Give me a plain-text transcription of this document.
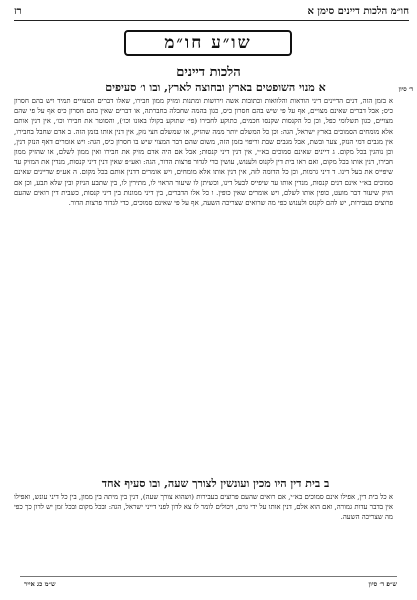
חו״מ הלכות דיינים סימן א
רז
שו״ע חו״מ
הלכות דיינים
א מנוי השופטים בארץ ובחוצה לארץ, ובו ו׳ סעיפים	ד׳ סיון

א בזמן הזה, דנים הדיינים דיני הודאות והלוואות וכתובות אשה וירושות ומתנות ומזיק ממון חבירו, שאלו דברים המצויים תמיד ויש בהם חסרון כיס; אבל דברים שאינם מצויים, אף על פי שיש בהם חסרון כיס, כגון בהמה שחבלה בחברתה, או דברים שאין בהם חסרון כיס אף על פי שהם מצויים, כגון תשלומי כפל, וכן כל הקנסות שקנסו חכמים, כתוקע לחבירו (פי׳ שתוקע בקולו באזנו וכו׳), והסוטר את חבירו וכו׳, אין דנין אותם אלא מומחים הסמוכים בארץ ישראל, הגה: וכן כל המשלם יותר ממה שהזיק, או שמשלם חצי נזק, אין דנין אותו בזמן הזה. ב אדם שחבל בחבירו, אין מגבים דמי הנזק, צער ובשת, אבל מגבים שבת וריפוי בזמן הזה, משום שהם דבר המצוי שיש בו חסרון כיס, הגה: ויש אומרים דאף הנזק דנין, וכן נוהגין בכל מקום. ג דיינים שאינם סמוכים בא״י, אין דנין דיני קנסות; אבל אם היה אדם מזיק את חבירו ואין ממון לשלם, או שהזיק ממון חבירו, דנין אותו בכל מקום, ואם ראו בית דין לקנוס ולענוש, עושין כדי לגדור פרצות הדור, הגה: ואע״פ שאין דנין דיני קנסות, מנדין את המזיק עד שיפייס את בעל דינו. ד דיני גרמות, וכן כל הדומה לזה, אין דנין אותו אלא מומחים, ויש אומרים דדנין אותם בכל מקום. ה אע״פ שדיינים שאינם סמוכים בא״י אינם דנים קנסות, מנדין אותו עד שיפייס לבעל דינו, וכשיתן לו שיעור הראוי לו, מתירין לו, בין שתבע הניזק ובין שלא תבע, וכן אם הזיק שיעור דבר מועט, כופין אותו לשלם, ויש אומרים שאין כופין. ו כל אלו הדברים, בין דיני ממונות בין דיני קנסות, כשבית דין רואים שהעם פרוצים בעבירות, יש להם לקנוס ולענוש כפי מה שרואים שצריכה השעה, אף על פי שאינם סמוכים, כדי לגדור פרצות הדור.

ב בית דין היו מכין ועונשין לצורך שעה, ובו סעיף אחד

א כל בית דין, אפילו אינם סמוכים בא״י, אם רואים שהעם פרוצים בעבירות (ושהוא צורך שעה), דנין בין מיתה בין ממון, בין כל דיני עונש, ואפילו אין בדבר עדות גמורה, ואם הוא אלם, דנין אותו על ידי גוים, ויכולים לומר לו צא לדון לפני דייני ישראל, הגה: ובכל מקום ובכל זמן יש לדון כך כפי מה שצריכה השעה.

ש״פ ד׳ סיון
ש״מ כג אייר
